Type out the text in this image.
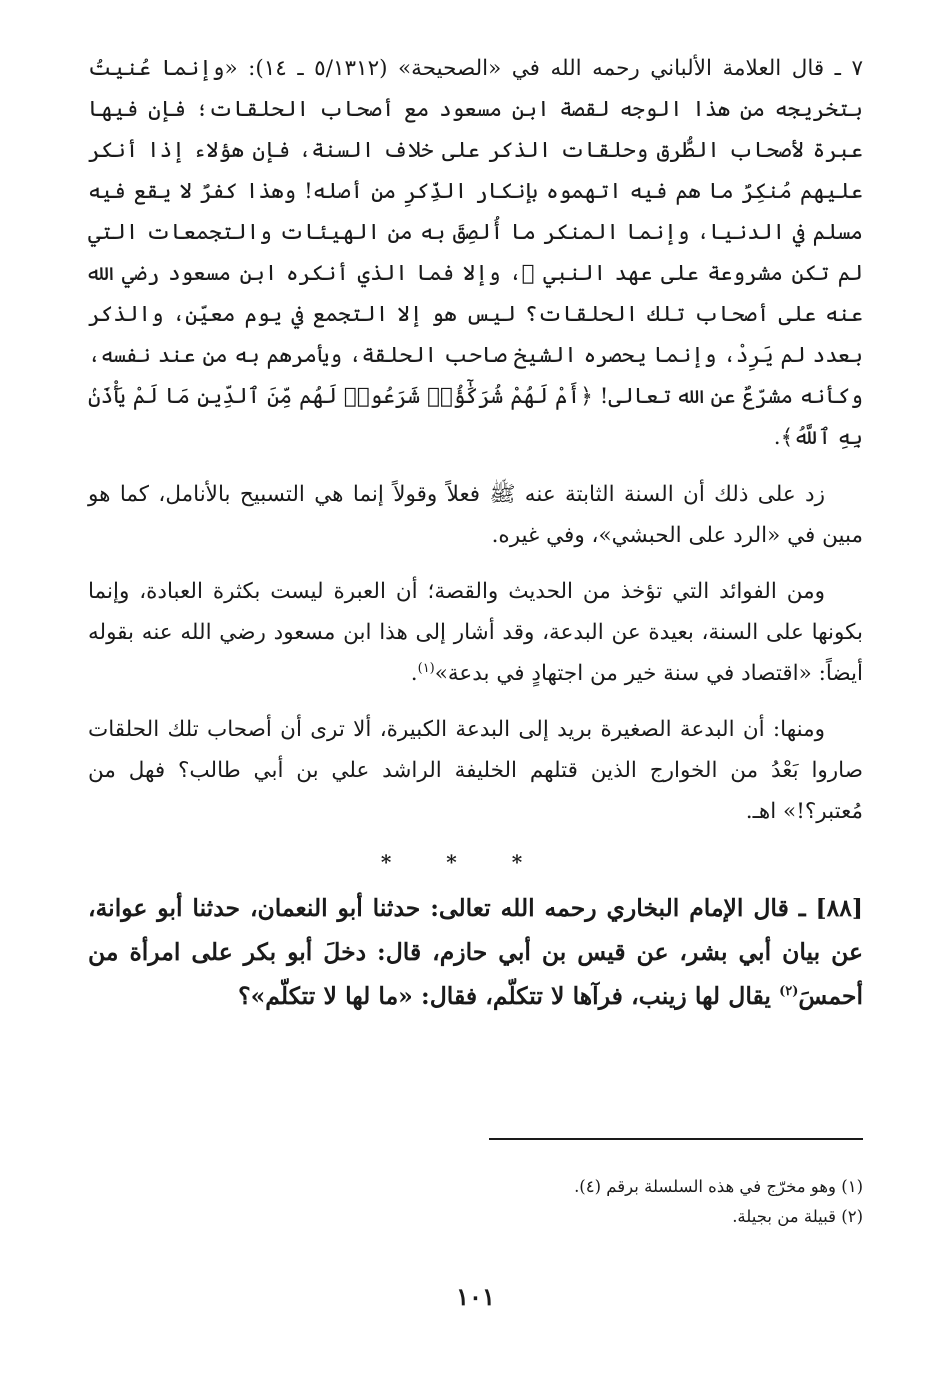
٧ ـ قال العلامة الألباني رحمه الله في «الصحيحة» (٥/١٣١٢ ـ ١٤): «وإنما عُنيتُ بتخريجه من هذا الوجه لقصة ابن مسعود مع أصحاب الحلقات؛ فإن فيها عبرة لأصحاب الطُّرق وحلقات الذكر على خلاف السنة، فإن هؤلاء إذا أنكر عليهم مُنكِرٌ ما هم فيه اتهموه بإنكار الذِّكرِ من أصله! وهذا كفرٌ لا يقع فيه مسلم في الدنيا، وإنما المنكر ما أُلصِقَ به من الهيئات والتجمعات التي لم تكن مشروعة على عهد النبي ﷺ، وإلا فما الذي أنكره ابن مسعود رضي الله عنه على أصحاب تلك الحلقات؟ ليس هو إلا التجمع في يوم معيّن، والذكر بعدد لم يَرِدْ، وإنما يحصره الشيخ صاحب الحلقة، ويأمرهم به من عند نفسه، وكأنه مشرّعٌ عن الله تعالى! ﴿أَمْ لَهُمْ شُرَكَٰٓؤُا۟ شَرَعُوا۟ لَهُم مِّنَ ٱلدِّينِ مَا لَمْ يَأْذَنۢ بِهِ ٱللَّهُ﴾.

زد على ذلك أن السنة الثابتة عنه ﷺ فعلاً وقولاً إنما هي التسبيح بالأنامل، كما هو مبين في «الرد على الحبشي»، وفي غيره.

ومن الفوائد التي تؤخذ من الحديث والقصة؛ أن العبرة ليست بكثرة العبادة، وإنما بكونها على السنة، بعيدة عن البدعة، وقد أشار إلى هذا ابن مسعود رضي الله عنه بقوله أيضاً: «اقتصاد في سنة خير من اجتهادٍ في بدعة»$^{(١)}$.

ومنها: أن البدعة الصغيرة بريد إلى البدعة الكبيرة، ألا ترى أن أصحاب تلك الحلقات صاروا بَعْدُ من الخوارج الذين قتلهم الخليفة الراشد علي بن أبي طالب؟ فهل من مُعتبر؟!» اهـ.

* * *

[٨٨] ـ قال الإمام البخاري رحمه الله تعالى: حدثنا أبو النعمان، حدثنا أبو عوانة، عن بيان أبي بشر، عن قيس بن أبي حازم، قال: دخلَ أبو بكر على امرأة من أحمسَ$^{(٢)}$ يقال لها زينب، فرآها لا تتكلّم، فقال: «ما لها لا تتكلّم»؟

(١) وهو مخرّج في هذه السلسلة برقم (٤).

(٢) قبيلة من بجيلة.

١٠١
